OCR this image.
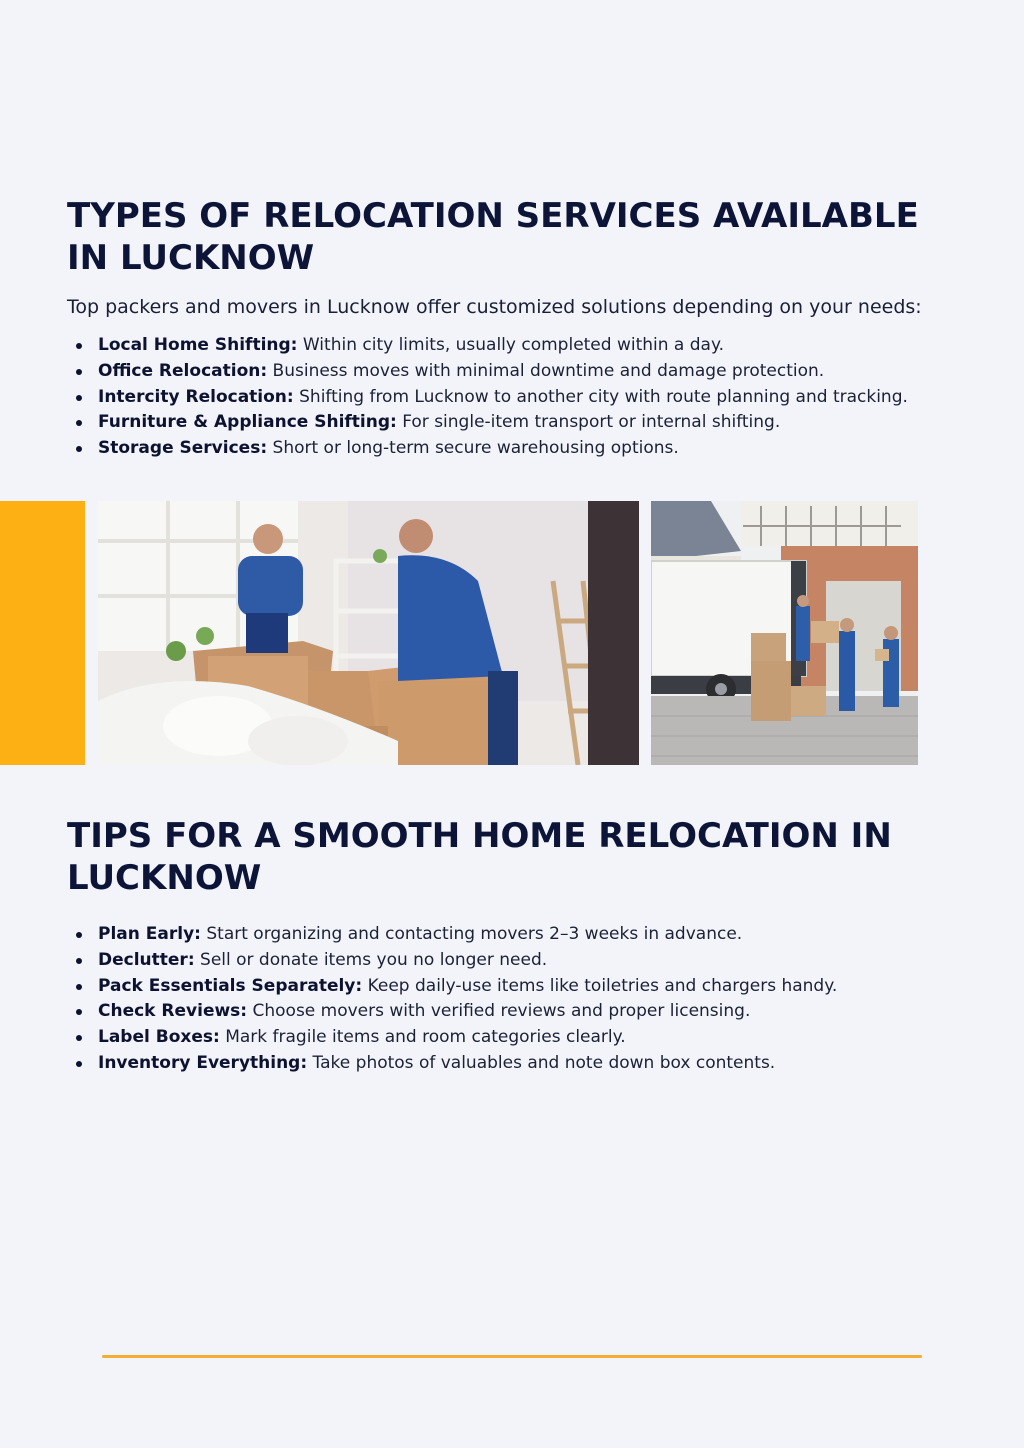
TYPES OF RELOCATION SERVICES AVAILABLE IN LUCKNOW

Top packers and movers in Lucknow offer customized solutions depending on your needs:

Local Home Shifting: Within city limits, usually completed within a day.
Office Relocation: Business moves with minimal downtime and damage protection.
Intercity Relocation: Shifting from Lucknow to another city with route planning and tracking.
Furniture & Appliance Shifting: For single-item transport or internal shifting.
Storage Services: Short or long-term secure warehousing options.
TIPS FOR A SMOOTH HOME RELOCATION IN LUCKNOW
Plan Early: Start organizing and contacting movers 2–3 weeks in advance.
Declutter: Sell or donate items you no longer need.
Pack Essentials Separately: Keep daily-use items like toiletries and chargers handy.
Check Reviews: Choose movers with verified reviews and proper licensing.
Label Boxes: Mark fragile items and room categories clearly.
Inventory Everything: Take photos of valuables and note down box contents.
